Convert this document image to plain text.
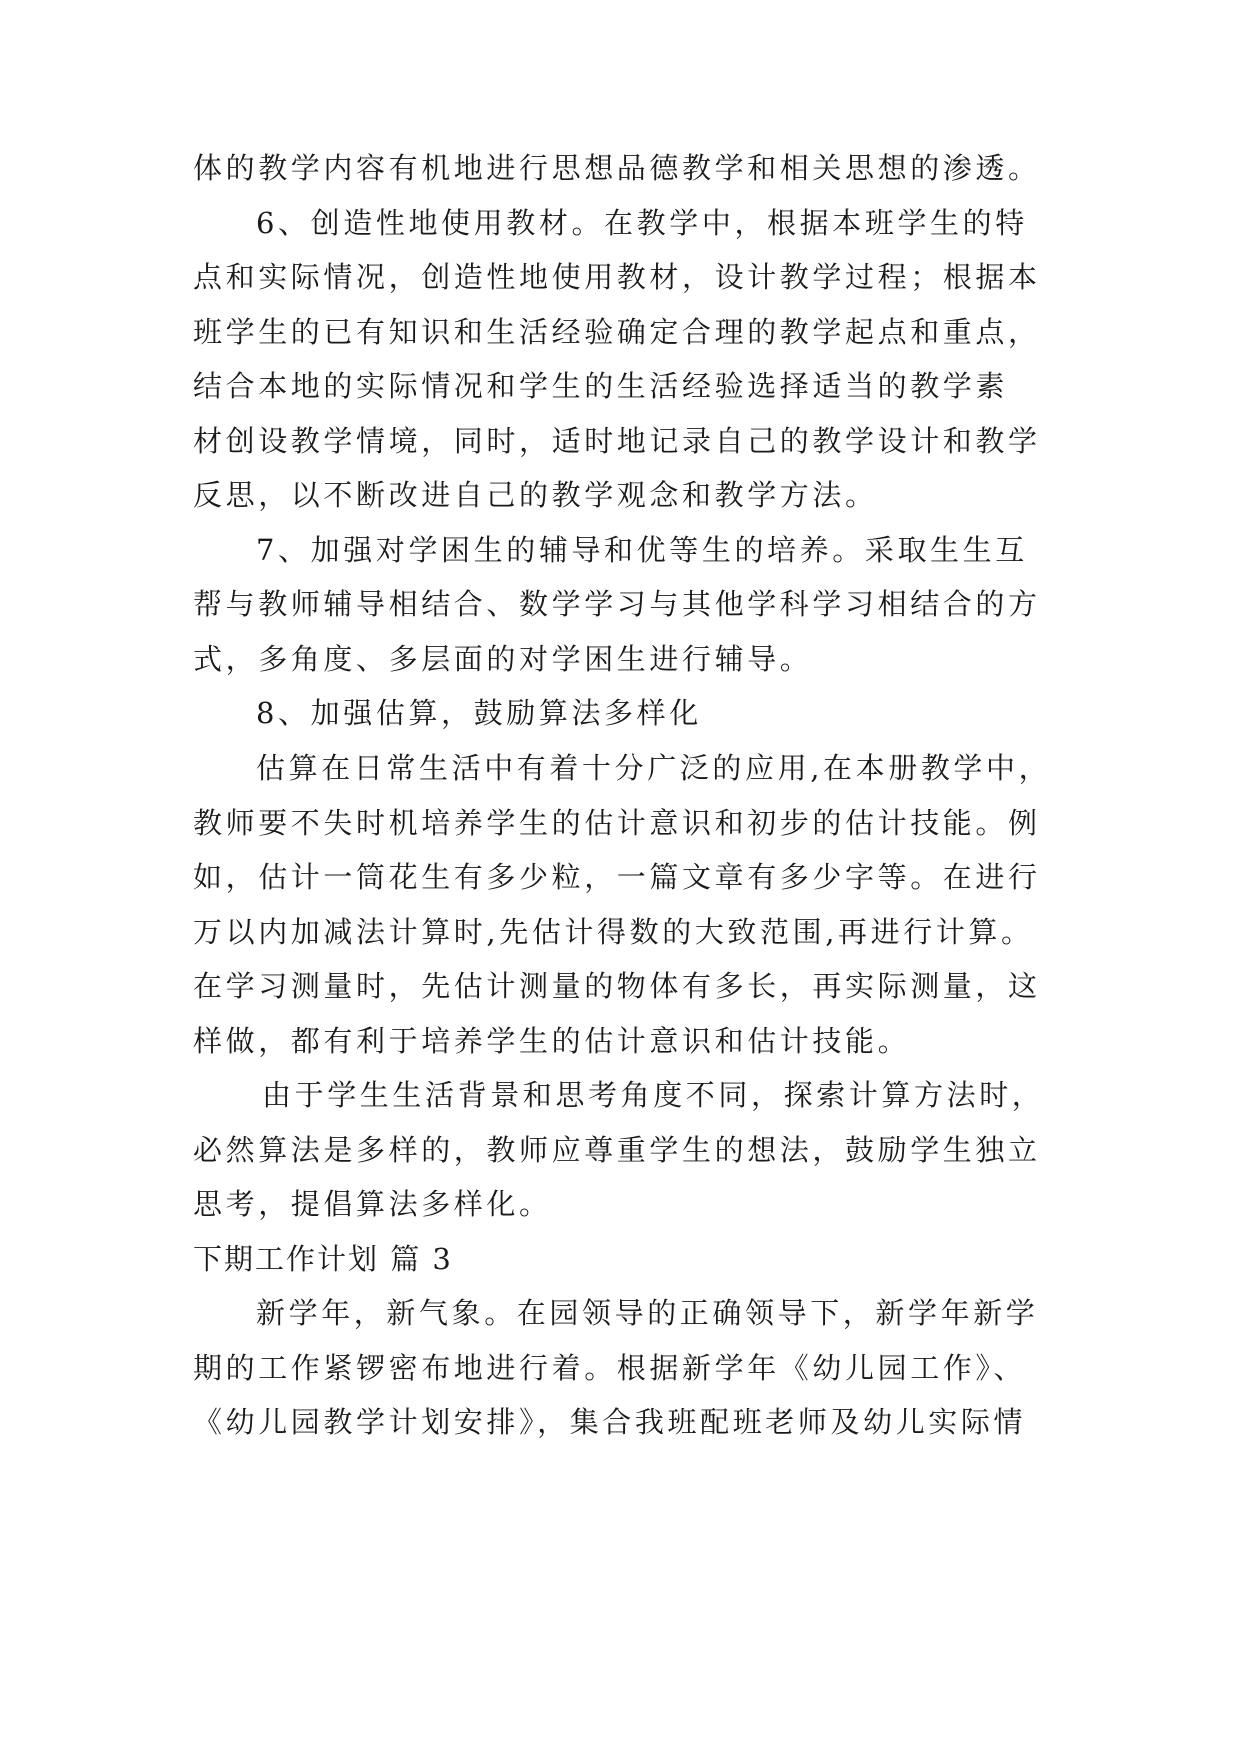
体的教学内容有机地进行思想品德教学和相关思想的渗透。
6、创造性地使用教材。在教学中，根据本班学生的特
点和实际情况，创造性地使用教材，设计教学过程；根据本
班学生的已有知识和生活经验确定合理的教学起点和重点，
结合本地的实际情况和学生的生活经验选择适当的教学素
材创设教学情境，同时，适时地记录自己的教学设计和教学
反思，以不断改进自己的教学观念和教学方法。
7、加强对学困生的辅导和优等生的培养。采取生生互
帮与教师辅导相结合、数学学习与其他学科学习相结合的方
式，多角度、多层面的对学困生进行辅导。
8、加强估算，鼓励算法多样化
估算在日常生活中有着十分广泛的应用,在本册教学中，
教师要不失时机培养学生的估计意识和初步的估计技能。例
如，估计一筒花生有多少粒，一篇文章有多少字等。在进行
万以内加减法计算时,先估计得数的大致范围,再进行计算。
在学习测量时，先估计测量的物体有多长，再实际测量，这
样做，都有利于培养学生的估计意识和估计技能。
由于学生生活背景和思考角度不同，探索计算方法时，
必然算法是多样的，教师应尊重学生的想法，鼓励学生独立
思考，提倡算法多样化。
下期工作计划 篇 3
新学年，新气象。在园领导的正确领导下，新学年新学
期的工作紧锣密布地进行着。根据新学年《幼儿园工作》、
《幼儿园教学计划安排》，集合我班配班老师及幼儿实际情
